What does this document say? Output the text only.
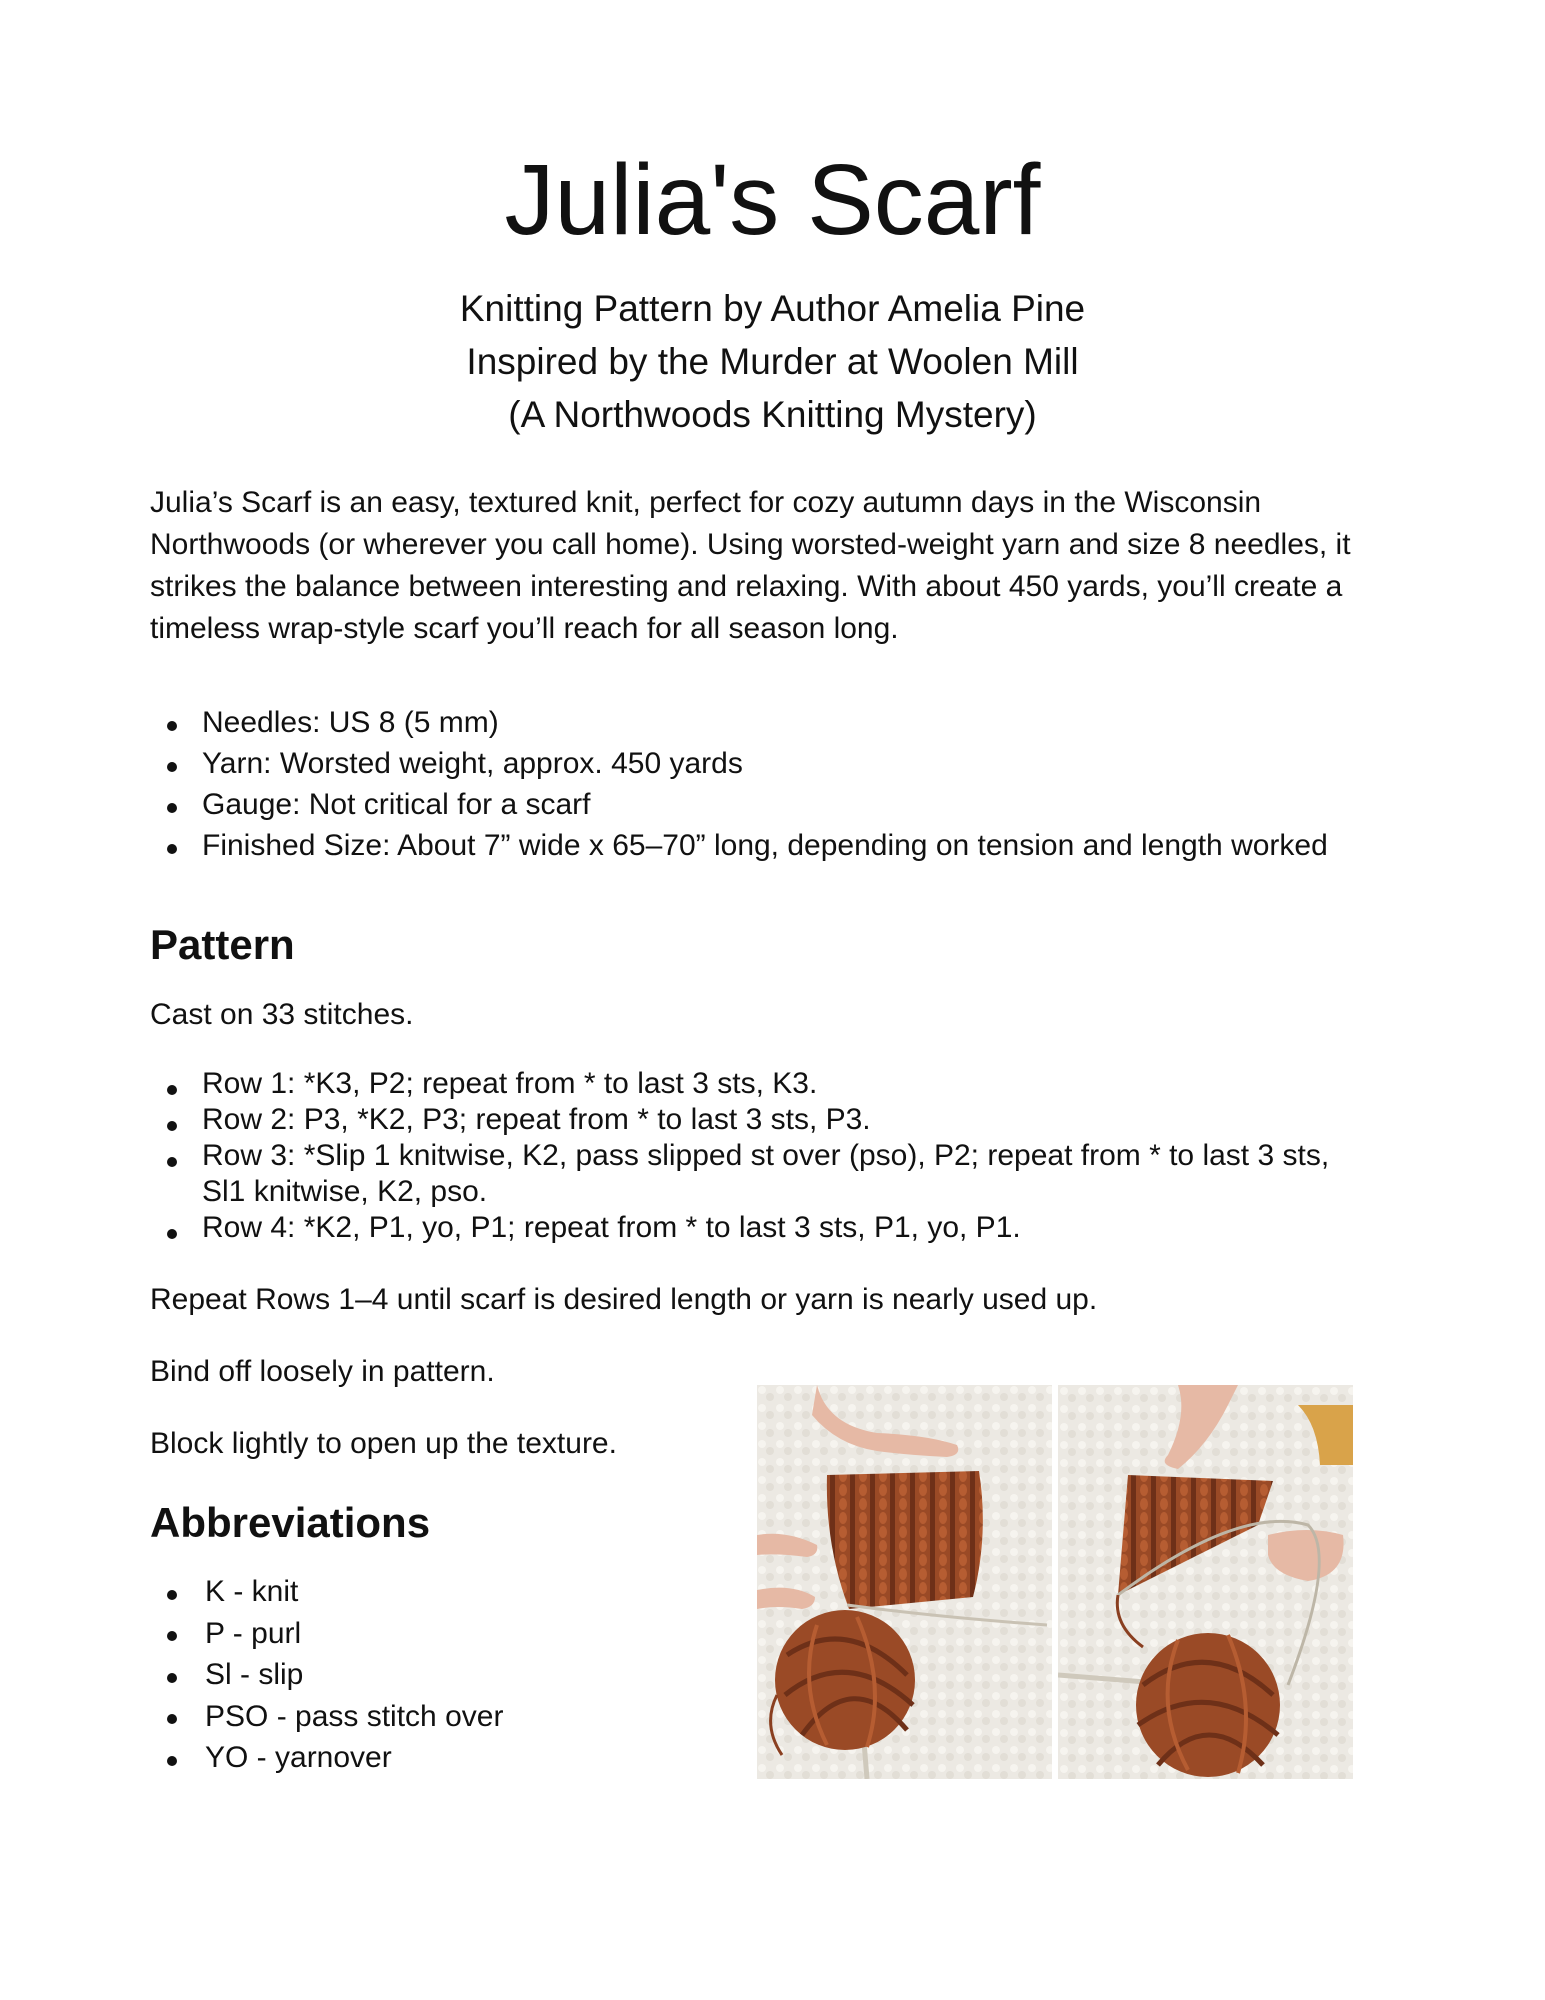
Julia's Scarf
Knitting Pattern by Author Amelia Pine
Inspired by the Murder at Woolen Mill
(A Northwoods Knitting Mystery)

Julia’s Scarf is an easy, textured knit, perfect for cozy autumn days in the Wisconsin Northwoods (or wherever you call home). Using worsted-weight yarn and size 8 needles, it strikes the balance between interesting and relaxing. With about 450 yards, you’ll create a timeless wrap-style scarf you’ll reach for all season long.

Needles: US 8 (5 mm)
Yarn: Worsted weight, approx. 450 yards
Gauge: Not critical for a scarf
Finished Size: About 7” wide x 65–70” long, depending on tension and length worked
Pattern

Cast on 33 stitches.

Row 1: *K3, P2; repeat from * to last 3 sts, K3.
Row 2: P3, *K2, P3; repeat from * to last 3 sts, P3.
Row 3: *Slip 1 knitwise, K2, pass slipped st over (pso), P2; repeat from * to last 3 sts, Sl1 knitwise, K2, pso.
Row 4: *K2, P1, yo, P1; repeat from * to last 3 sts, P1, yo, P1.

Repeat Rows 1–4 until scarf is desired length or yarn is nearly used up.

Bind off loosely in pattern.

Block lightly to open up the texture.

Abbreviations
K - knit
P - purl
Sl - slip
PSO - pass stitch over
YO - yarnover
